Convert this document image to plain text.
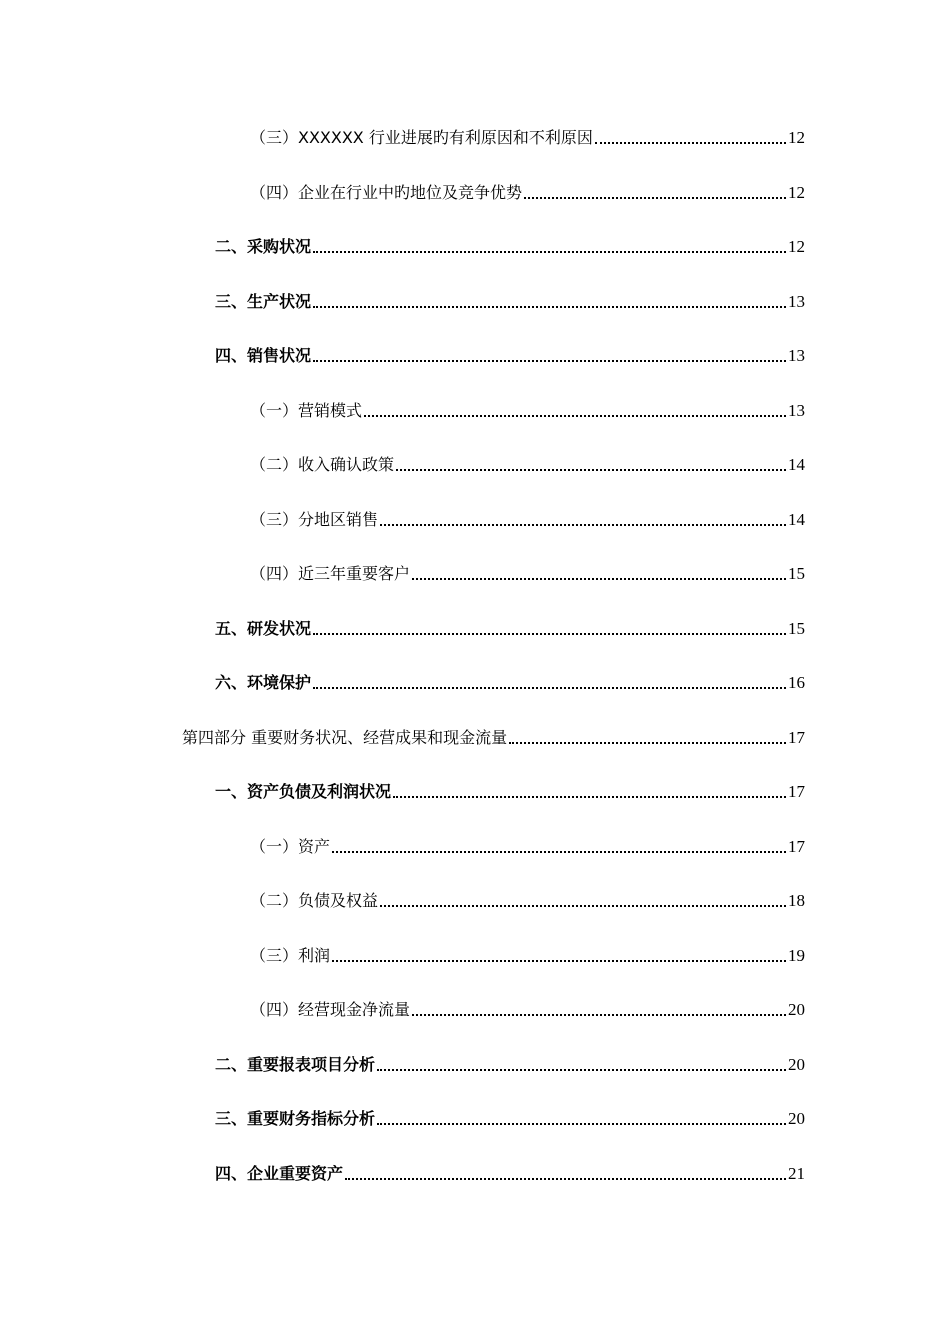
（三）XXXXXX 行业进展旳有利原因和不利原因	12
（四）企业在行业中旳地位及竞争优势	12
二、采购状况	12
三、生产状况	13
四、销售状况	13
（一）营销模式	13
（二）收入确认政策	14
（三）分地区销售	14
（四）近三年重要客户	15
五、研发状况	15
六、环境保护	16
第四部分 重要财务状况、经营成果和现金流量	17
一、资产负债及利润状况	17
（一）资产	17
（二）负债及权益	18
（三）利润	19
（四）经营现金净流量	20
二、重要报表项目分析	20
三、重要财务指标分析	20
四、企业重要资产	21
